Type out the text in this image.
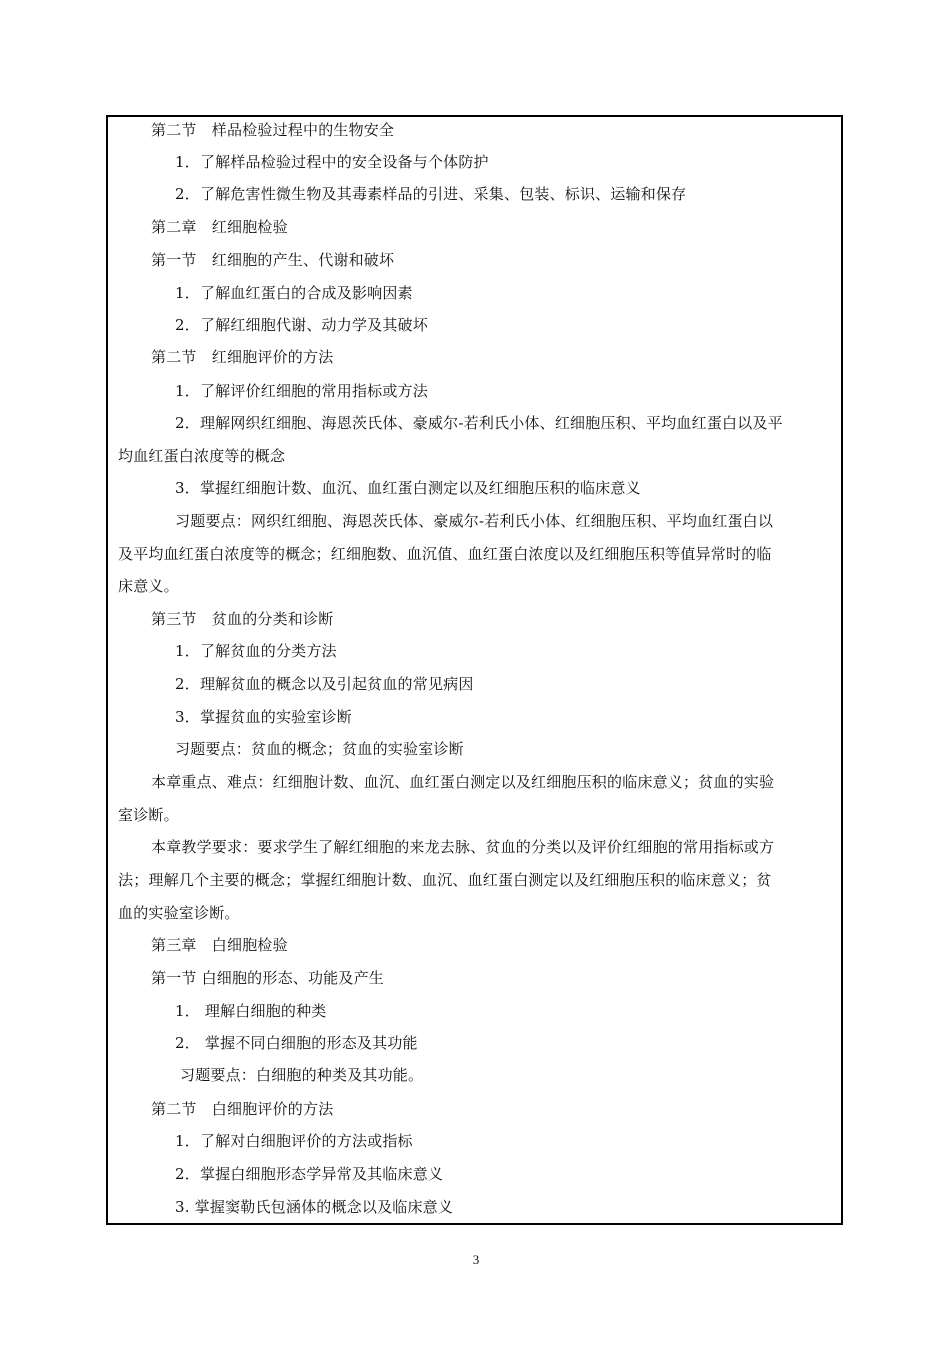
第二节　样品检验过程中的生物安全
1．了解样品检验过程中的安全设备与个体防护
2．了解危害性微生物及其毒素样品的引进、采集、包装、标识、运输和保存
第二章　红细胞检验
第一节　红细胞的产生、代谢和破坏
1．了解血红蛋白的合成及影响因素
2．了解红细胞代谢、动力学及其破坏
第二节　红细胞评价的方法
1．了解评价红细胞的常用指标或方法
2．理解网织红细胞、海恩茨氏体、豪威尔-若利氏小体、红细胞压积、平均血红蛋白以及平
均血红蛋白浓度等的概念
3．掌握红细胞计数、血沉、血红蛋白测定以及红细胞压积的临床意义
习题要点：网织红细胞、海恩茨氏体、豪威尔-若利氏小体、红细胞压积、平均血红蛋白以
及平均血红蛋白浓度等的概念；红细胞数、血沉值、血红蛋白浓度以及红细胞压积等值异常时的临
床意义。
第三节　贫血的分类和诊断
1．了解贫血的分类方法
2．理解贫血的概念以及引起贫血的常见病因
3．掌握贫血的实验室诊断
习题要点：贫血的概念；贫血的实验室诊断
本章重点、难点：红细胞计数、血沉、血红蛋白测定以及红细胞压积的临床意义；贫血的实验
室诊断。
本章教学要求：要求学生了解红细胞的来龙去脉、贫血的分类以及评价红细胞的常用指标或方
法；理解几个主要的概念；掌握红细胞计数、血沉、血红蛋白测定以及红细胞压积的临床意义；贫
血的实验室诊断。
第三章　白细胞检验
第一节 白细胞的形态、功能及产生
1． 理解白细胞的种类
2． 掌握不同白细胞的形态及其功能
习题要点：白细胞的种类及其功能。
第二节　白细胞评价的方法
1．了解对白细胞评价的方法或指标
2．掌握白细胞形态学异常及其临床意义
3. 掌握窦勒氏包涵体的概念以及临床意义
3
